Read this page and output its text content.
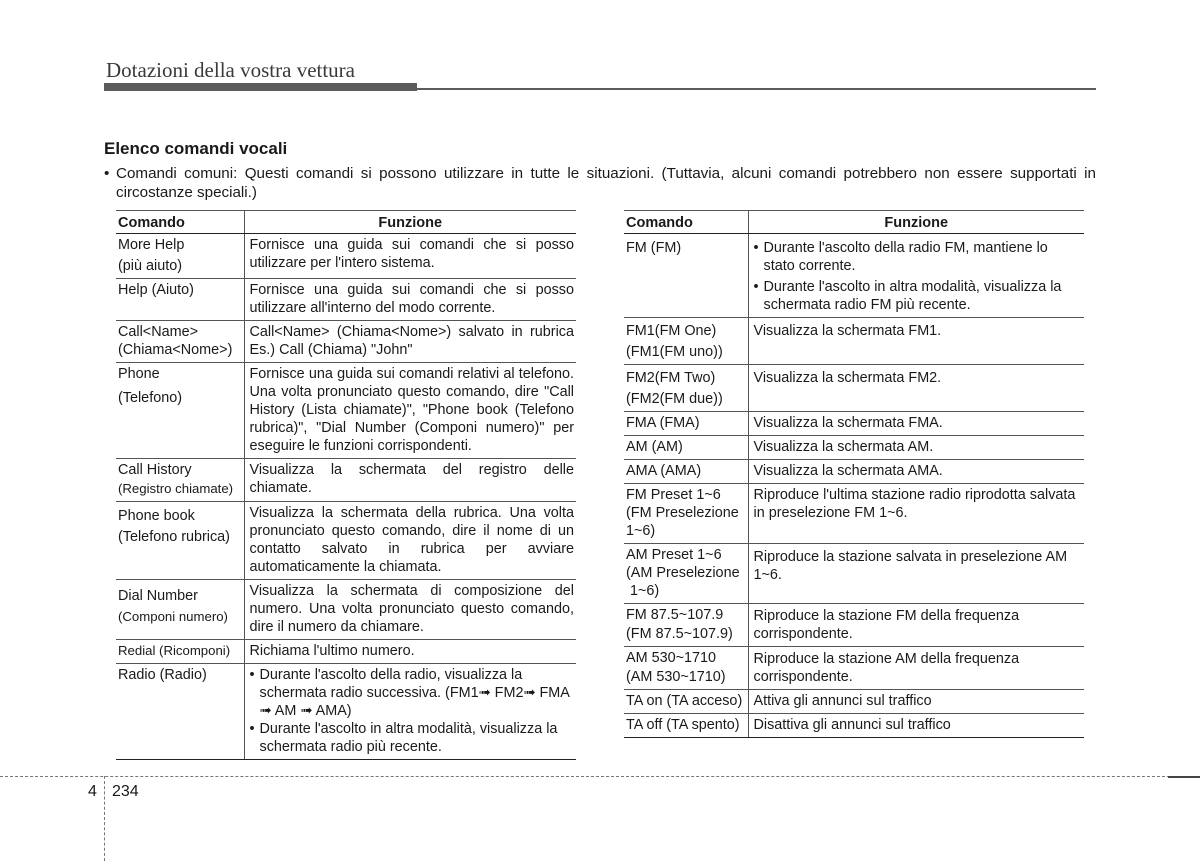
Dotazioni della vostra vettura
Elenco comandi vocali
• Comandi comuni: Questi comandi si possono utilizzare in tutte le situazioni. (Tuttavia, alcuni comandi potrebbero non essere supportati in circostanze speciali.)
Comando	Funzione

More Help
(più aiuto)	Fornisce una guida sui comandi che si posso utilizzare per l'intero sistema.

Help (Aiuto)	Fornisce una guida sui comandi che si posso utilizzare all'interno del modo corrente.

Call<Name>
(Chiama<Nome>)	Call<Name> (Chiama<Nome>) salvato in rubrica Es.) Call (Chiama) "John"

Phone
(Telefono)	Fornisce una guida sui comandi relativi al telefono. Una volta pronunciato questo comando, dire "Call History (Lista chiamate)", "Phone book (Telefono rubrica)", "Dial Number (Componi numero)" per eseguire le funzioni corrispondenti.

Call History
(Registro chiamate)	Visualizza la schermata del registro delle chiamate.

Phone book
(Telefono rubrica)	Visualizza la schermata della rubrica. Una volta pronunciato questo comando, dire il nome di un contatto salvato in rubrica per avviare automaticamente la chiamata.

Dial Number
(Componi numero)	Visualizza la schermata di composizione del numero. Una volta pronunciato questo comando, dire il numero da chiamare.

Redial (Ricomponi)	Richiama l'ultimo numero.

Radio (Radio)	• Durante l'ascolto della radio, visualizza la schermata radio successiva. (FM1➟ FM2➟ FMA ➟ AM ➟ AMA)
• Durante l'ascolto in altra modalità, visualizza la schermata radio più recente.
Comando	Funzione

FM (FM)	• Durante l'ascolto della radio FM, mantiene lo stato corrente.
• Durante l'ascolto in altra modalità, visualizza la schermata radio FM più recente.

FM1(FM One)
(FM1(FM uno))	Visualizza la schermata FM1.

FM2(FM Two)
(FM2(FM due))	Visualizza la schermata FM2.

FMA (FMA)	Visualizza la schermata FMA.

AM (AM)	Visualizza la schermata AM.

AMA (AMA)	Visualizza la schermata AMA.

FM Preset 1~6
(FM Preselezione
1~6)	Riproduce l'ultima stazione radio riprodotta salvata in preselezione FM 1~6.

AM Preset 1~6
(AM Preselezione
1~6)	Riproduce la stazione salvata in preselezione AM 1~6.

FM 87.5~107.9
(FM 87.5~107.9)	Riproduce la stazione FM della frequenza corrispondente.

AM 530~1710
(AM 530~1710)	Riproduce la stazione AM della frequenza corrispondente.

TA on (TA acceso)	Attiva gli annunci sul traffico

TA off (TA spento)	Disattiva gli annunci sul traffico
4 234
